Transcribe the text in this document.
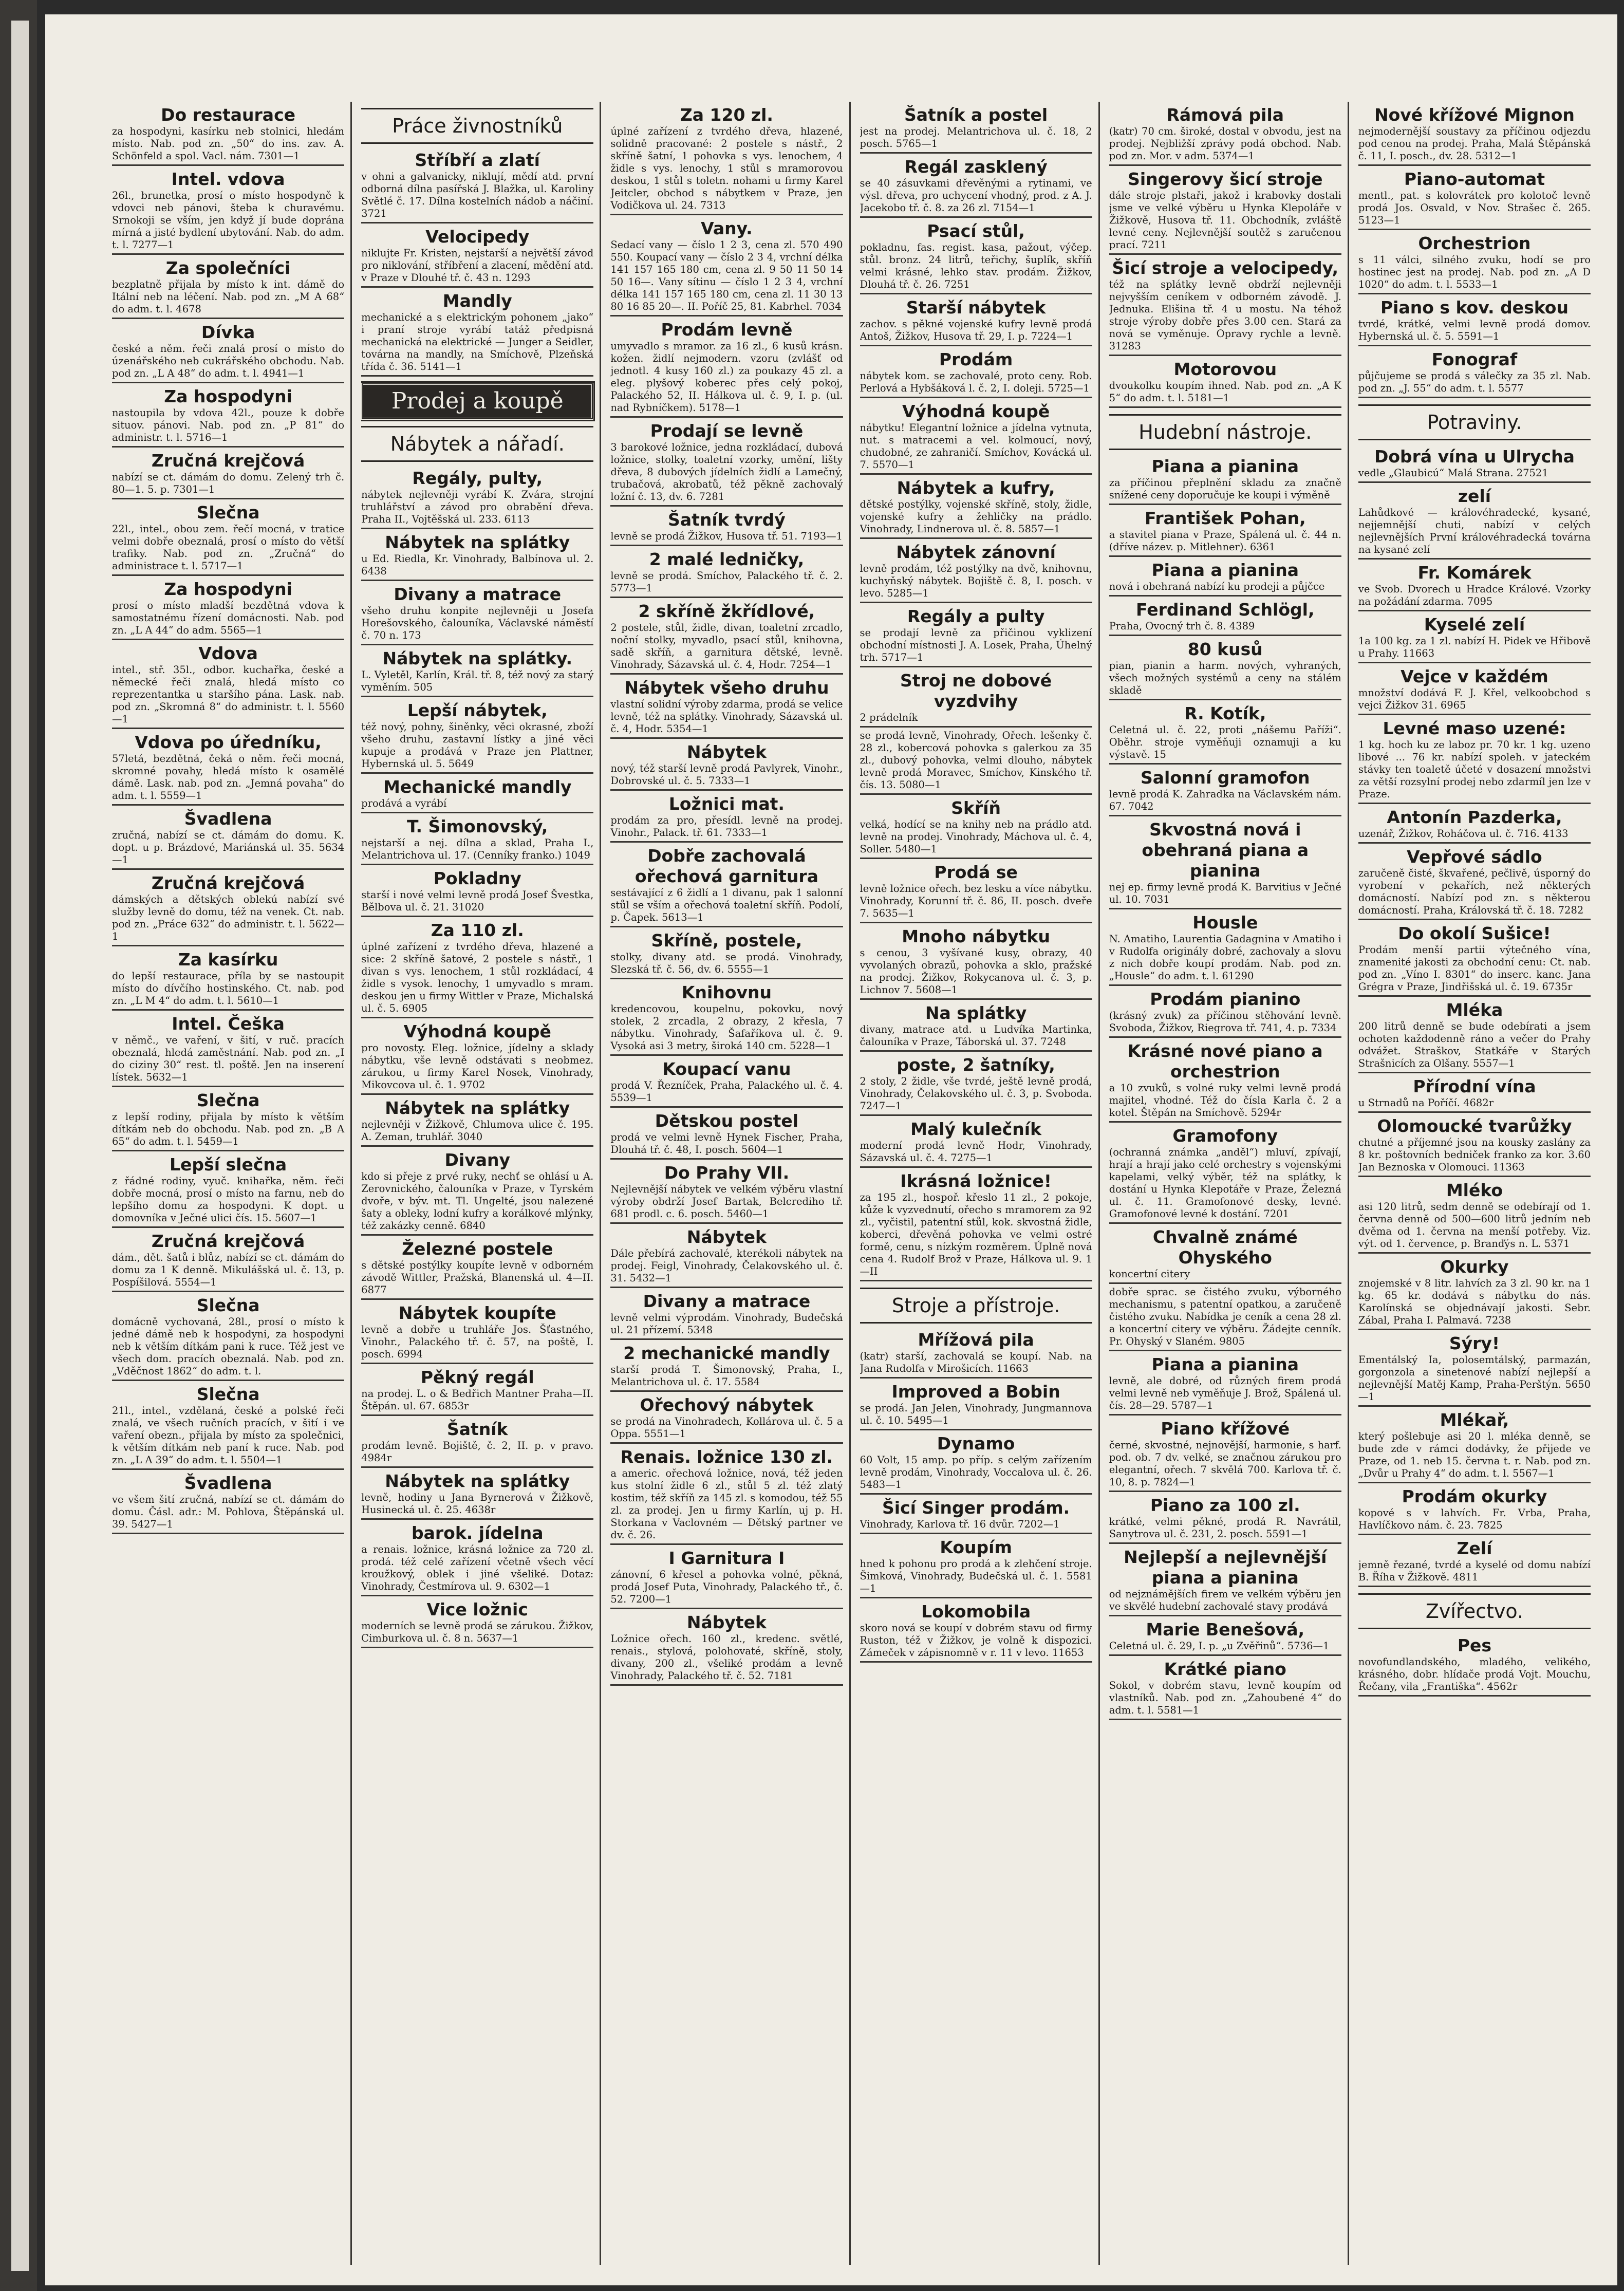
Do restaurace
za hospodyni, kasírku neb stolnici, hledám místo. Nab. pod zn. „50“ do ins. zav. A. Schönfeld a spol. Vacl. nám. 7301—1
Intel. vdova
26l., brunetka, prosí o místo hospodyně k vdovci neb pánovi, šteba k churavému. Srnokoji se vším, jen když jí bude doprána mírná a jisté bydlení ubytování. Nab. do adm. t. l. 7277—1
Za společníci
bezplatně přijala by místo k int. dámě do Itální neb na léčení. Nab. pod zn. „M A 68“ do adm. t. l. 4678
Dívka
české a něm. řeči znalá prosí o místo do úzenářského neb cukrářského obchodu. Nab. pod zn. „L A 48“ do adm. t. l. 4941—1
Za hospodyni
nastoupila by vdova 42l., pouze k dobře situov. pánovi. Nab. pod zn. „P 81“ do administr. t. l. 5716—1
Zručná krejčová
nabízí se ct. dámám do domu. Zelený trh č. 80—1. 5. p. 7301—1
Slečna
22l., intel., obou zem. řečí mocná, v tratice velmi dobře obeznalá, prosí o místo do větší trafiky. Nab. pod zn. „Zručná“ do administrace t. l. 5717—1
Za hospodyni
prosí o místo mladší bezdětná vdova k samostatnému řízení domácnosti. Nab. pod zn. „L A 44“ do adm. 5565—1
Vdova
intel., stř. 35l., odbor. kuchařka, české a německé řeči znalá, hledá místo co reprezentantka u staršího pána. Lask. nab. pod zn. „Skromná 8“ do administr. t. l. 5560—1
Vdova po úředníku,
57letá, bezdětná, čeká o něm. řeči mocná, skromné povahy, hledá místo k osamělé dámě. Lask. nab. pod zn. „Jemná povaha“ do adm. t. l. 5559—1
Švadlena
zručná, nabízí se ct. dámám do domu. K. dopt. u p. Brázdové, Mariánská ul. 35. 5634—1
Zručná krejčová
dámských a dětských oblekú nabízí své služby levně do domu, též na venek. Ct. nab. pod zn. „Práce 632“ do administr. t. l. 5622—1
Za kasírku
do lepší restaurace, příla by se nastoupit místo do dívčího hostinského. Ct. nab. pod zn. „L M 4“ do adm. t. l. 5610—1
Intel. Češka
v němč., ve vaření, v šití, v ruč. pracích obeznalá, hledá zaměstnání. Nab. pod zn. „I do ciziny 30“ rest. tl. poště. Jen na inserení lístek. 5632—1
Slečna
z lepší rodiny, přijala by místo k větším dítkám neb do obchodu. Nab. pod zn. „B A 65“ do adm. t. l. 5459—1
Lepší slečna
z řádné rodiny, vyuč. knihařka, něm. řeči dobře mocná, prosí o místo na farnu, neb do lepšího domu za hospodyni. K dopt. u domovníka v Ječné ulici čís. 15. 5607—1
Zručná krejčová
dám., dět. šatů i blůz, nabízí se ct. dámám do domu za 1 K denně. Mikulášská ul. č. 13, p. Pospíšilová. 5554—1
Slečna
domácně vychovaná, 28l., prosí o místo k jedné dámě neb k hospodyni, za hospodyni neb k větším dítkám pani k ruce. Též jest ve všech dom. pracích obeznalá. Nab. pod zn. „Vděčnost 1862“ do adm. t. l.
Slečna
21l., intel., vzdělaná, české a polské řeči znalá, ve všech ručních pracích, v šití i ve vaření obezn., přijala by místo za společnici, k větším dítkám neb paní k ruce. Nab. pod zn. „L A 39“ do adm. t. l. 5504—1
Švadlena
ve všem šití zručná, nabízí se ct. dámám do domu. Čásl. adr.: M. Pohlova, Štěpánská ul. 39. 5427—1
Práce živnostníků
Stříbří a zlatí
v ohni a galvanicky, niklují, mědí atd. první odborná dílna pasířská J. Blažka, ul. Karoliny Světlé č. 17. Dílna kostelních nádob a náčiní. 3721
Velocipedy
niklujte Fr. Kristen, nejstarší a největší závod pro niklování, stříbření a zlacení, mědění atd. v Praze v Dlouhé tř. č. 43 n. 1293
Mandly
mechanické a s elektrickým pohonem „jako“ i praní stroje vyrábí tatáž předpisná mechanická na elektrické — Junger a Seidler, továrna na mandly, na Smíchově, Plzeňská třída č. 36. 5141—1
Prodej a koupě
Nábytek a nářadí.
Regály, pulty,
nábytek nejlevněji vyrábí K. Zvára, strojní truhlářství a závod pro obrabění dřeva. Praha II., Vojtěšská ul. 233. 6113
Nábytek na splátky
u Ed. Riedla, Kr. Vinohrady, Balbínova ul. 2. 6438
Divany a matrace
všeho druhu konpite nejlevněji u Josefa Horešovského, čalouníka, Václavské náměstí č. 70 n. 173
Nábytek na splátky.
L. Vyletěl, Karlín, Král. tř. 8, též nový za starý vyměním. 505
Lepší nábytek,
též nový, pohny, šiněnky, věci okrasné, zboží všeho druhu, zastavní lístky a jiné věci kupuje a prodává v Praze jen Plattner, Hybernská ul. 5. 5649
Mechanické mandly
prodává a vyrábí
T. Šimonovský,
nejstarší a nej. dílna a sklad, Praha I., Melantrichova ul. 17. (Cenníky franko.) 1049
Pokladny
starší i nové velmi levně prodá Josef Švestka, Bělbova ul. č. 21. 31020
Za 110 zl.
úplné zařízení z tvrdého dřeva, hlazené a sice: 2 skříně šatové, 2 postele s nástř., 1 divan s vys. lenochem, 1 stůl rozkládací, 4 židle s vysok. lenochy, 1 umyvadlo s mram. deskou jen u firmy Wittler v Praze, Michalská ul. č. 5. 6905
Výhodná koupě
pro novosty. Eleg. ložnice, jídelny a sklady nábytku, vše levně odstávati s neobmez. zárukou, u firmy Karel Nosek, Vinohrady, Mikovcova ul. č. 1. 9702
Nábytek na splátky
nejlevněji v Žižkově, Chlumova ulice č. 195. A. Zeman, truhlář. 3040
Divany
kdo si přeje z prvé ruky, nechť se ohlásí u A. Zerovnického, čalouníka v Praze, v Tyrském dvoře, v býv. mt. Tl. Ungelté, jsou nalezené šaty a obleky, lodní kufry a korálkové mlýnky, též zakázky cenně. 6840
Železné postele
s dětské postýlky koupíte levně v odborném závodě Wittler, Pražská, Blanenská ul. 4—II. 6877
Nábytek koupíte
levně a dobře u truhláře Jos. Šťastného, Vinohr., Palackého tř. č. 57, na poště, I. posch. 6994
Pěkný regál
na prodej. L. o & Bedřich Mantner Praha—II. Štěpán. ul. 67. 6853r
Šatník
prodám levně. Bojiště, č. 2, II. p. v pravo. 4984r
Nábytek na splátky
levně, hodiny u Jana Byrnerová v Žižkově, Husinecká ul. č. 25. 4638r
barok. jídelna
a renais. ložnice, krásná ložnice za 720 zl. prodá. též celé zařízení včetně všech věcí kroužkový, oblek i jiné všeliké. Dotaz: Vinohrady, Čestmírova ul. 9. 6302—1
Vice ložnic
moderních se levně prodá se zárukou. Žižkov, Cimburkova ul. č. 8 n. 5637—1
Za 120 zl.
úplné zařízení z tvrdého dřeva, hlazené, solidně pracované: 2 postele s nástř., 2 skříně šatní, 1 pohovka s vys. lenochem, 4 židle s vys. lenochy, 1 stůl s mramorovou deskou, 1 stůl s toletn. nohami u firmy Karel Jeitcler, obchod s nábytkem v Praze, jen Vodičkova ul. 24. 7313
Vany.
Sedací vany — číslo 1 2 3, cena zl. 570 490 550. Koupací vany — číslo 2 3 4, vrchní délka 141 157 165 180 cm, cena zl. 9 50 11 50 14 50 16—. Vany sítinu — číslo 1 2 3 4, vrchní délka 141 157 165 180 cm, cena zl. 11 30 13 80 16 85 20—. II. Poříč 25, 81. Kabrhel. 7034
Prodám levně
umyvadlo s mramor. za 16 zl., 6 kusů krásn. kožen. židlí nejmodern. vzoru (zvlášť od jednotl. 4 kusy 160 zl.) za poukazy 45 zl. a eleg. plyšový koberec přes celý pokoj, Palackého 52, II. Hálkova ul. č. 9, I. p. (ul. nad Rybníčkem). 5178—1
Prodají se levně
3 barokové ložnice, jedna rozkládací, dubová ložnice, stolky, toaletní vzorky, umění, lišty dřeva, 8 dubových jídelních židlí a Lamečný, trubačová, akrobatů, též pěkně zachovalý ložní č. 13, dv. 6. 7281
Šatník tvrdý
levně se prodá Žižkov, Husova tř. 51. 7193—1
2 malé ledničky,
levně se prodá. Smíchov, Palackého tř. č. 2. 5773—1
2 skříně žkřídlové,
2 postele, stůl, židle, divan, toaletní zrcadlo, noční stolky, myvadlo, psací stůl, knihovna, sadě skříň, a garnitura dětské, levně. Vinohrady, Sázavská ul. č. 4, Hodr. 7254—1
Nábytek všeho druhu
vlastní solidní výroby zdarma, prodá se velice levně, též na splátky. Vinohrady, Sázavská ul. č. 4, Hodr. 5354—1
Nábytek
nový, též starší levně prodá Pavlyrek, Vinohr., Dobrovské ul. č. 5. 7333—1
Ložnici mat.
prodám za pro, přesídl. levně na prodej. Vinohr., Palack. tř. 61. 7333—1
Dobře zachovalá ořechová garnitura
sestávající z 6 židlí a 1 divanu, pak 1 salonní stůl se vším a ořechová toaletní skříň. Podolí, p. Čapek. 5613—1
Skříně, postele,
stolky, divany atd. se prodá. Vinohrady, Slezská tř. č. 56, dv. 6. 5555—1
Knihovnu
kredencovou, koupelnu, pokovku, nový stolek, 2 zrcadla, 2 obrazy, 2 křesla, 7 nábytku. Vinohrady, Šafaříkova ul. č. 9. Vysoká asi 3 metry, široká 140 cm. 5228—1
Koupací vanu
prodá V. Řezníček, Praha, Palackého ul. č. 4. 5539—1
Dětskou postel
prodá ve velmi levně Hynek Fischer, Praha, Dlouhá tř. č. 48, I. posch. 5604—1
Do Prahy VII.
Nejlevnější nábytek ve velkém výběru vlastní výroby obdrží Josef Bartak, Belcrediho tř. 681 prodl. c. 6. posch. 5460—1
Nábytek
Dále přebírá zachovalé, kterékoli nábytek na prodej. Feigl, Vinohrady, Čelakovského ul. č. 31. 5432—1
Divany a matrace
levně velmi výprodám. Vinohrady, Budečská ul. 21 přízemí. 5348
2 mechanické mandly
starší prodá T. Šimonovský, Praha, I., Melantrichova ul. č. 17. 5584
Ořechový nábytek
se prodá na Vinohradech, Kollárova ul. č. 5 a Oppa. 5551—1
Renais. ložnice 130 zl.
a americ. ořechová ložnice, nová, též jeden kus stolní židle 6 zl., stůl 5 zl. též zlatý kostim, též skříň za 145 zl. s komodou, též 55 zl. za prodej. Jen u firmy Karlín, uj p. H. Storkana v Vaclovném — Dětský partner ve dv. č. 26.
I Garnitura I
zánovní, 6 křesel a pohovka volné, pěkná, prodá Josef Puta, Vinohrady, Palackého tř., č. 52. 7200—1
Nábytek
Ložnice ořech. 160 zl., kredenc. světlé, renais., stylová, polohovaté, skříně, stoly, divany, 200 zl., všeliké prodám a levně Vinohrady, Palackého tř. č. 52. 7181
Šatník a postel
jest na prodej. Melantrichova ul. č. 18, 2 posch. 5765—1
Regál zasklený
se 40 zásuvkami dřevěnými a rytinami, ve výsl. dřeva, pro uchycení vhodný, prod. z A. J. Jacekobo tř. č. 8. za 26 zl. 7154—1
Psací stůl,
pokladnu, fas. regist. kasa, pažout, výčep. stůl. bronz. 24 litrů, teřichy, šuplík, skříň velmi krásné, lehko stav. prodám. Žižkov, Dlouhá tř. č. 26. 7251
Starší nábytek
zachov. s pěkné vojenské kufry levně prodá Antoš, Žižkov, Husova tř. 29, I. p. 7224—1
Prodám
nábytek kom. se zachovalé, proto ceny. Rob. Perlová a Hybšáková l. č. 2, I. doleji. 5725—1
Výhodná koupě
nábytku! Elegantní ložnice a jídelna vytnuta, nut. s matracemi a vel. kolmoucí, nový, chudobné, ze zahraničí. Smíchov, Kovácká ul. 7. 5570—1
Nábytek a kufry,
dětské postýlky, vojenské skříně, stoly, židle, vojenské kufry a žehličky na prádlo. Vinohrady, Lindnerova ul. č. 8. 5857—1
Nábytek zánovní
levně prodám, též postýlky na dvě, knihovnu, kuchyňský nábytek. Bojiště č. 8, I. posch. v levo. 5285—1
Regály a pulty
se prodají levně za přičinou vyklizení obchodní místnosti J. A. Losek, Praha, Úhelný trh. 5717—1
Stroj ne dobové vyzdvihy
2 prádelník
se prodá levně, Vinohrady, Ořech. lešenky č. 28 zl., kobercová pohovka s galerkou za 35 zl., dubový pohovka, velmi dlouho, nábytek levně prodá Moravec, Smíchov, Kinského tř. čís. 13. 5080—1
Skříň
velká, hodící se na knihy neb na prádlo atd. levně na prodej. Vinohrady, Máchova ul. č. 4, Soller. 5480—1
Prodá se
levně ložnice ořech. bez lesku a více nábytku. Vinohrady, Korunní tř. č. 86, II. posch. dveře 7. 5635—1
Mnoho nábytku
s cenou, 3 vyšívané kusy, obrazy, 40 vyvolaných obrazů, pohovka a sklo, pražské na prodej. Žižkov, Rokycanova ul. č. 3, p. Lichnov 7. 5608—1
Na splátky
divany, matrace atd. u Ludvíka Martinka, čalouníka v Praze, Táborská ul. 37. 7248
poste, 2 šatníky,
2 stoly, 2 židle, vše tvrdé, ještě levně prodá, Vinohrady, Čelakovského ul. č. 3, p. Svoboda. 7247—1
Malý kulečník
moderní prodá levně Hodr, Vinohrady, Sázavská ul. č. 4. 7275—1
Ikrásná ložnice!
za 195 zl., hospoř. křeslo 11 zl., 2 pokoje, kůže k vyzvednutí, ořecho s mramorem za 92 zl., vyčistil, patentní stůl, kok. skvostná židle, koberci, dřevěná pohovka ve velmi ostré formě, cenu, s nízkým rozměrem. Úplně nová cena 4. Rudolf Brož v Praze, Hálkova ul. 9. 1—II
Stroje a přístroje.
Mřížová pila
(katr) starší, zachovalá se koupí. Nab. na Jana Rudolfa v Mirošicích. 11663
Improved a Bobin
se prodá. Jan Jelen, Vinohrady, Jungmannova ul. č. 10. 5495—1
Dynamo
60 Volt, 15 amp. po příp. s celým zařízením levně prodám, Vinohrady, Voccalova ul. č. 26. 5483—1
Šicí Singer prodám.
Vinohrady, Karlova tř. 16 dvůr. 7202—1
Koupím
hned k pohonu pro prodá a k zlehčení stroje. Šimková, Vinohrady, Budečská ul. č. 1. 5581—1
Lokomobila
skoro nová se koupí v dobrém stavu od firmy Ruston, též v Žižkov, je volně k dispozici. Zámeček v zápisnomně v r. 11 v levo. 11653
Rámová pila
(katr) 70 cm. široké, dostal v obvodu, jest na prodej. Nejbližší zprávy podá obchod. Nab. pod zn. Mor. v adm. 5374—1
Singerovy šicí stroje
dále stroje plstaři, jakož i krabovky dostali jsme ve velké výběru u Hynka Klepoláře v Žižkově, Husova tř. 11. Obchodník, zvláště levné ceny. Nejlevnější soutěž s zaručenou prací. 7211
Šicí stroje a velocipedy,
též na splátky levně obdrží nejlevněji nejvyšším ceníkem v odborném závodě. J. Jednuka. Elišina tř. 4 u mostu. Na téhož stroje výroby dobře přes 3.00 cen. Stará za nová se vyměnuje. Opravy rychle a levně. 31283
Motorovou
dvoukolku koupím ihned. Nab. pod zn. „A K 5“ do adm. t. l. 5181—1
Hudební nástroje.
Piana a pianina
za příčinou přeplnění skladu za značně snížené ceny doporučuje ke koupi i výměně
František Pohan,
a stavitel piana v Praze, Spálená ul. č. 44 n. (dříve název. p. Mitlehner). 6361
Piana a pianina
nová i obehraná nabízí ku prodeji a půjčce
Ferdinand Schlögl,
Praha, Ovocný trh č. 8. 4389
80 kusů
pian, pianin a harm. nových, vyhraných, všech možných systémů a ceny na stálém skladě
R. Kotík,
Celetná ul. č. 22, proti „nášemu Paříži“. Oběhr. stroje vyměňuji oznamuji a ku výstavě. 15
Salonní gramofon
levně prodá K. Zahradka na Václavském nám. 67. 7042
Skvostná nová i obehraná piana a pianina
nej ep. firmy levně prodá K. Barvitius v Ječné ul. 10. 7031
Housle
N. Amatiho, Laurentia Gadagnina v Amatiho i v Rudolfa originály dobré, zachovaly a slovu z nich dobře koupí prodám. Nab. pod zn. „Housle“ do adm. t. l. 61290
Prodám pianino
(krásný zvuk) za příčinou stěhování levně. Svoboda, Žižkov, Riegrova tř. 741, 4. p. 7334
Krásné nové piano a orchestrion
a 10 zvuků, s volné ruky velmi levně prodá majitel, vhodné. Též do čísla Karla č. 2 a kotel. Štěpán na Smíchově. 5294r
Gramofony
(ochranná známka „anděl“) mluví, zpívají, hrají a hrají jako celé orchestry s vojenskými kapelami, velký výběr, též na splátky, k dostání u Hynka Klepotáře v Praze, Železná ul. č. 11. Gramofonové desky, levné. Gramofonové levné k dostání. 7201
Chvalně známé Ohyského
koncertní citery
dobře sprac. se čistého zvuku, výborného mechanismu, s patentní opatkou, a zaručeně čistého zvuku. Nabídka je ceník a cena 28 zl. a koncertní citery ve výběru. Žádejte cenník. Pr. Ohyský v Slaném. 9805
Piana a pianina
levně, ale dobré, od různých firem prodá velmi levně neb vyměňuje J. Brož, Spálená ul. čís. 28—29. 5787—1
Piano křížové
černé, skvostné, nejnovější, harmonie, s harf. pod. ob. 7 dv. velké, se značnou zárukou pro elegantní, ořech. 7 skvělá 700. Karlova tř. č. 10, 8. p. 7824—1
Piano za 100 zl.
krátké, velmi pěkné, prodá R. Navrátil, Sanytrova ul. č. 231, 2. posch. 5591—1
Nejlepší a nejlevnější piana a pianina
od nejznámějších firem ve velkém výběru jen ve skvělé hudební zachovalé stavy prodává
Marie Benešová,
Celetná ul. č. 29, I. p. „u Zvěřinů“. 5736—1
Krátké piano
Sokol, v dobrém stavu, levně koupím od vlastníků. Nab. pod zn. „Zahoubené 4“ do adm. t. l. 5581—1
Nové křížové Mignon
nejmodernější soustavy za příčinou odjezdu pod cenou na prodej. Praha, Malá Štěpánská č. 11, I. posch., dv. 28. 5312—1
Piano-automat
mentl., pat. s kolovrátek pro kolotoč levně prodá Jos. Osvald, v Nov. Strašec č. 265. 5123—1
Orchestrion
s 11 válci, silného zvuku, hodí se pro hostinec jest na prodej. Nab. pod zn. „A D 1020“ do adm. t. l. 5533—1
Piano s kov. deskou
tvrdé, krátké, velmi levně prodá domov. Hybernská ul. č. 5. 5591—1
Fonograf
půjčujeme se prodá s válečky za 35 zl. Nab. pod zn. „J. 55“ do adm. t. l. 5577
Potraviny.
Dobrá vína u Ulrycha
vedle „Glaubicú“ Malá Strana. 27521
zelí
Lahůdkové — královéhradecké, kysané, nejjemnější chuti, nabízí v celých nejlevnějších První královéhradecká továrna na kysané zelí
Fr. Komárek
ve Svob. Dvorech u Hradce Králové. Vzorky na požádání zdarma. 7095
Kyselé zelí
1a 100 kg. za 1 zl. nabízí H. Pidek ve Hřibově u Prahy. 11663
Vejce v každém
množství dodává F. J. Křel, velkoobchod s vejci Žižkov 31. 6965
Levné maso uzené:
1 kg. hoch ku ze laboz pr. 70 kr. 1 kg. uzeno libové ... 76 kr. nabízí spoleh. v jateckém stávky ten toaletě účeté v dosazení množstvi za větší rozsylní prodej nebo zdarmíl jen lze v Praze.
Antonín Pazderka,
uzenář, Žižkov, Roháčova ul. č. 716. 4133
Vepřové sádlo
zaručeně čisté, škvařené, pečlivě, úsporný do vyrobení v pekařích, než některých domácností. Nabízí pod zn. s některou domácností. Praha, Královská tř. č. 18. 7282
Do okolí Sušice!
Prodám menší partii výtečného vína, znamenité jakosti za obchodní cenu: Ct. nab. pod zn. „Víno I. 8301“ do inserc. kanc. Jana Grégra v Praze, Jindřišská ul. č. 19. 6735r
Mléka
200 litrů denně se bude odebírati a jsem ochoten každodenně ráno a večer do Prahy odvážet. Straškov, Statkáře v Starých Strašnicích za Olšany. 5557—1
Přírodní vína
u Strnadů na Poříčí. 4682r
Olomoucké tvarůžky
chutné a příjemné jsou na kousky zaslány za 8 kr. poštovních bedniček franko za kor. 3.60 Jan Beznoska v Olomouci. 11363
Mléko
asi 120 litrů, sedm denně se odebírají od 1. června denně od 500—600 litrů jedním neb dvěma od 1. června na menší potřeby. Viz. výt. od 1. července, p. Branďýs n. L. 5371
Okurky
znojemské v 8 litr. lahvích za 3 zl. 90 kr. na 1 kg. 65 kr. dodává s nábytku do nás. Karolínská se objednávají jakosti. Sebr. Zábal, Praha I. Palmavá. 7238
Sýry!
Ementálský Ia, polosemtálský, parmazán, gorgonzola a sinetenové nabízí nejlepší a nejlevnější Matěj Kamp, Praha-Perštýn. 5650—1
Mlékař,
který pošlebuje asi 20 l. mléka denně, se bude zde v rámci dodávky, že přijede ve Praze, od 1. neb 15. června t. r. Nab. pod zn. „Dvůr u Prahy 4“ do adm. t. l. 5567—1
Prodám okurky
kopové s v lahvích. Fr. Vrba, Praha, Havlíčkovo nám. č. 23. 7825
Zelí
jemně řezané, tvrdé a kyselé od domu nabízí B. Říha v Žižkově. 4811
Zvířectvo.
Pes
novofundlandského, mladého, velikého, krásného, dobr. hlídače prodá Vojt. Mouchu, Řečany, vila „Františka“. 4562r
